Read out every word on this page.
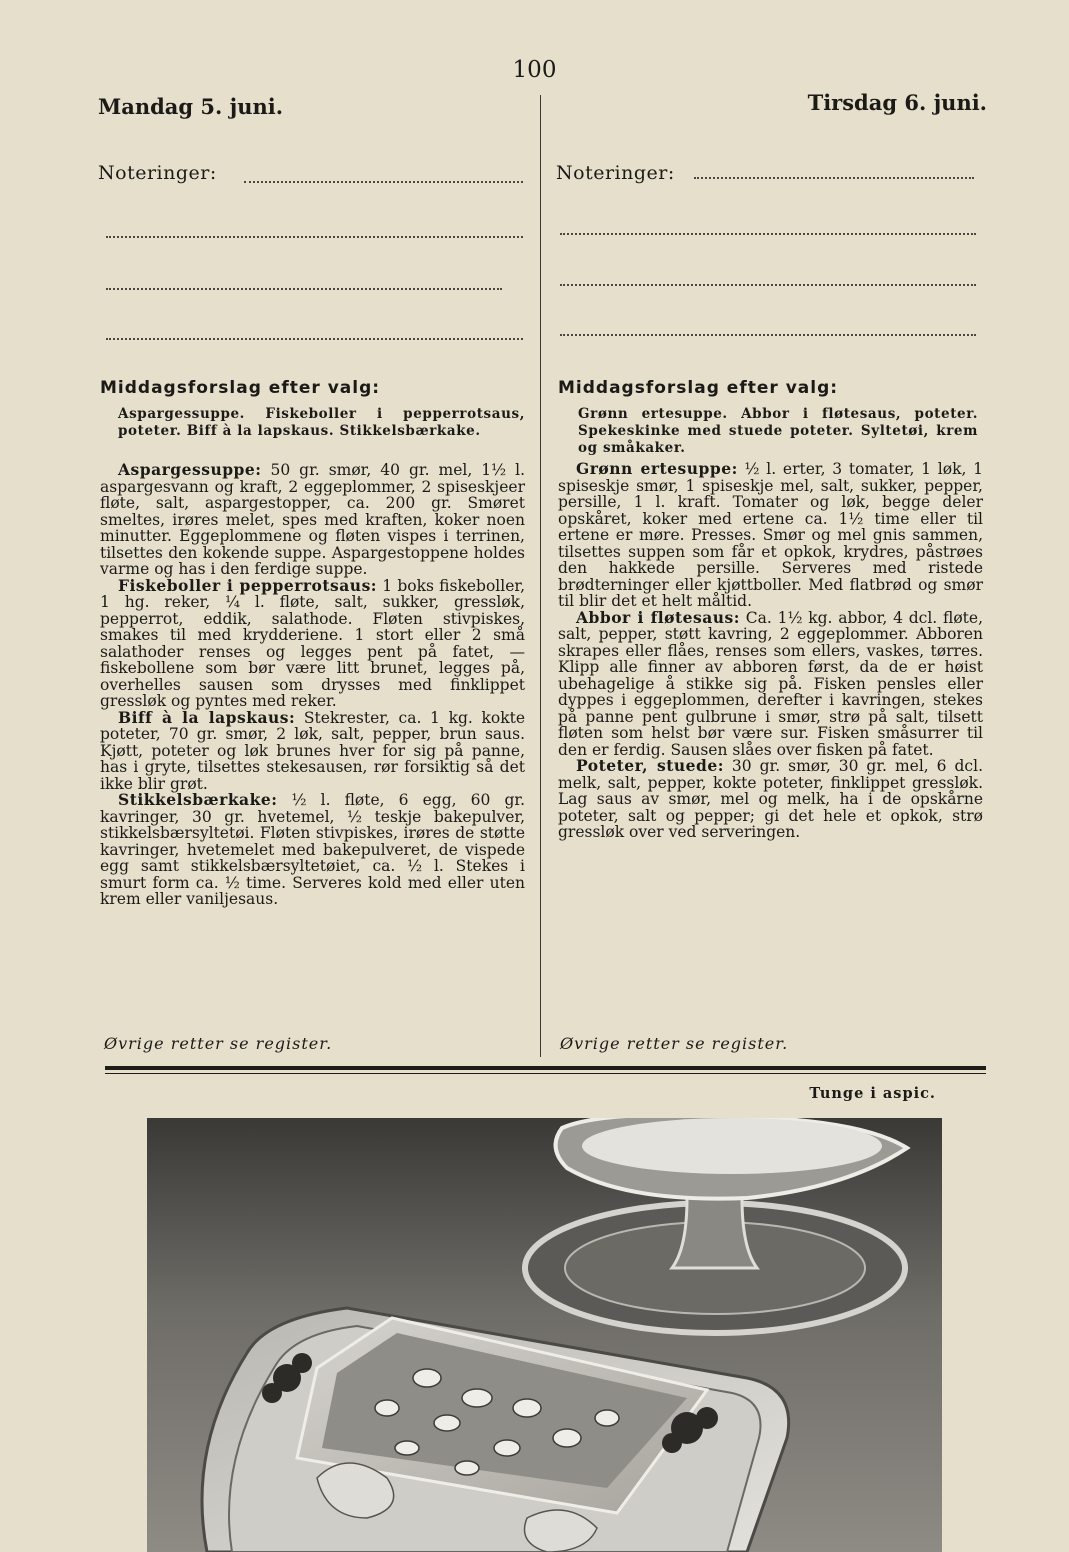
100
Mandag 5. juni.	Tirsdag 6. juni.
Noteringer:	Noteringer:
Middagsforslag efter valg:	Middagsforslag efter valg:
Aspargessuppe. Fiskeboller i pepperrotsaus, poteter. Biff à la lapskaus. Stikkelsbærkake.
Grønn ertesuppe. Abbor i fløtesaus, poteter. Spekeskinke med stuede poteter. Syltetøi, krem og småkaker.

Aspargessuppe: 50 gr. smør, 40 gr. mel, 1½ l. aspargesvann og kraft, 2 eggeplommer, 2 spiseskjeer fløte, salt, aspargestopper, ca. 200 gr. Smøret smeltes, irøres melet, spes med kraften, koker noen minutter. Eggeplommene og fløten vispes i terrinen, tilsettes den kokende suppe. Aspargestoppene holdes varme og has i den ferdige suppe.

Fiskeboller i pepperrotsaus: 1 boks fiskeboller, 1 hg. reker, ¼ l. fløte, salt, sukker, gressløk, pepperrot, eddik, salathode. Fløten stivpiskes, smakes til med krydderiene. 1 stort eller 2 små salathoder renses og legges pent på fatet, — fiskebollene som bør være litt brunet, legges på, overhelles sausen som drysses med finklippet gressløk og pyntes med reker.

Biff à la lapskaus: Stekrester, ca. 1 kg. kokte poteter, 70 gr. smør, 2 løk, salt, pepper, brun saus. Kjøtt, poteter og løk brunes hver for sig på panne, has i gryte, tilsettes stekesausen, rør forsiktig så det ikke blir grøt.

Stikkelsbærkake: ½ l. fløte, 6 egg, 60 gr. kavringer, 30 gr. hvetemel, ½ teskje bakepulver, stikkelsbærsyltetøi. Fløten stivpiskes, irøres de støtte kavringer, hvetemelet med bakepulveret, de vispede egg samt stikkelsbærsyltetøiet, ca. ½ l. Stekes i smurt form ca. ½ time. Serveres kold med eller uten krem eller vaniljesaus.

Grønn ertesuppe: ½ l. erter, 3 tomater, 1 løk, 1 spiseskje smør, 1 spiseskje mel, salt, sukker, pepper, persille, 1 l. kraft. Tomater og løk, begge deler opskåret, koker med ertene ca. 1½ time eller til ertene er møre. Presses. Smør og mel gnis sammen, tilsettes suppen som får et opkok, krydres, påstrøes den hakkede persille. Serveres med ristede brødterninger eller kjøttboller. Med flatbrød og smør til blir det et helt måltid.

Abbor i fløtesaus: Ca. 1½ kg. abbor, 4 dcl. fløte, salt, pepper, støtt kavring, 2 eggeplommer. Abboren skrapes eller flåes, renses som ellers, vaskes, tørres. Klipp alle finner av abboren først, da de er høist ubehagelige å stikke sig på. Fisken pensles eller dyppes i eggeplommen, derefter i kavringen, stekes på panne pent gulbrune i smør, strø på salt, tilsett fløten som helst bør være sur. Fisken småsurrer til den er ferdig. Sausen slåes over fisken på fatet.

Poteter, stuede: 30 gr. smør, 30 gr. mel, 6 dcl. melk, salt, pepper, kokte poteter, finklippet gressløk. Lag saus av smør, mel og melk, ha i de opskårne poteter, salt og pepper; gi det hele et opkok, strø gressløk over ved serveringen.

Øvrige retter se register.	Øvrige retter se register.
Tunge i aspic.
